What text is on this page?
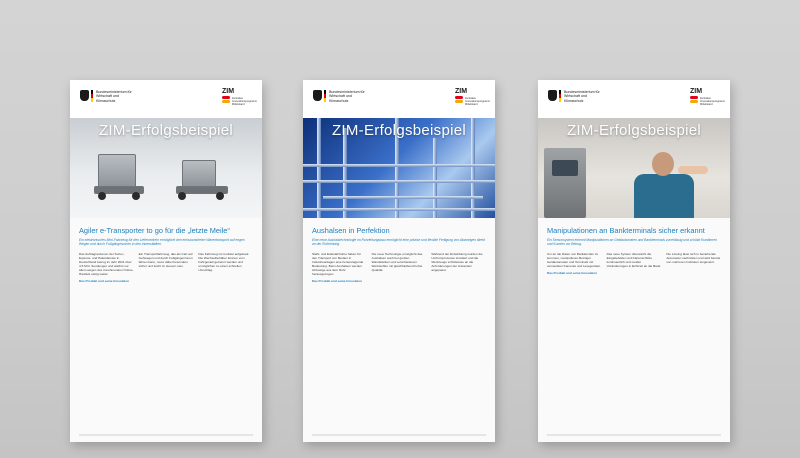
Bundesministerium für Wirtschaft und Klimaschutz
ZIM
Zentrales Innovationsprogramm Mittelstand
ZIM-Erfolgsbeispiel
Agiler e-Transporter to go für die „letzte Meile“
Ein elektronisches Mini-Fahrzeug für den Lieferverkehr ermöglicht den emissionsfreien Warentransport auf engen Wegen und durch Fußgängerzonen in den Innenstädten.

Das Auftragsvolumen der Kurier-, Express- und Paketdienste in Deutschland betrug im Jahr 2021 über 4,5 Mrd. Sendungen und wächst vor allem wegen des zunehmenden Online-Handels stetig weiter.

Das Produkt und seine Innovation

Ein Transportfahrzeug, das als Cart auf Gehwegen und durch Fußgängerzonen fahren kann, muss dabei besonders sicher und leicht zu steuern sein.

Das Fahrzeug ist modular aufgebaut. Die Wechselbehälter können vom Fahrgestell getrennt werden und ermöglichen so einen schnellen Umschlag.

Bundesministerium für Wirtschaft und Klimaschutz
ZIM
Zentrales Innovationsprogramm Mittelstand
ZIM-Erfolgsbeispiel
Aushalsen in Perfektion
Eine neue Aushalstechnologie im Rohrleitungsbau ermöglicht eine präzise und flexible Fertigung von Abzweigen direkt an der Rohrleitung.

Stahl- und Edelstahlrohre haben für den Transport von Medien in Industrieanlagen eine herausragende Bedeutung. Beim Aushalsen werden Abzweige aus dem Rohr herausgezogen.

Das Produkt und seine Innovation

Die neue Technologie ermöglicht das Aushalsen auch bei großen Wandstärken und verschiedenen Werkstoffen mit gleichbleibend hoher Qualität.

Während der Entwicklung wurden die Umformprozesse simuliert und die Werkzeuge schrittweise an die Anforderungen der Anwender angepasst.

Bundesministerium für Wirtschaft und Klimaschutz
ZIM
Zentrales Innovationsprogramm Mittelstand
ZIM-Erfolgsbeispiel
Manipulationen an Bankterminals sicher erkannt
Ein Sensorsystem erkennt Manipulationen an Geldautomaten und Bankterminals zuverlässig und schützt Kundinnen und Kunden vor Betrug.

Um an die Daten von Bankkunden zu kommen, manipulieren Betrüger Geldautomaten und Terminals mit versteckten Kameras und Lesegeräten.

Das Produkt und seine Innovation

Das neue System überwacht die Eingabefelder und Kartenschlitze kontinuierlich und meldet Veränderungen in Echtzeit an die Bank.

Die Lösung lässt sich in bestehende Automaten nachrüsten und wird bereits von mehreren Instituten eingesetzt.
